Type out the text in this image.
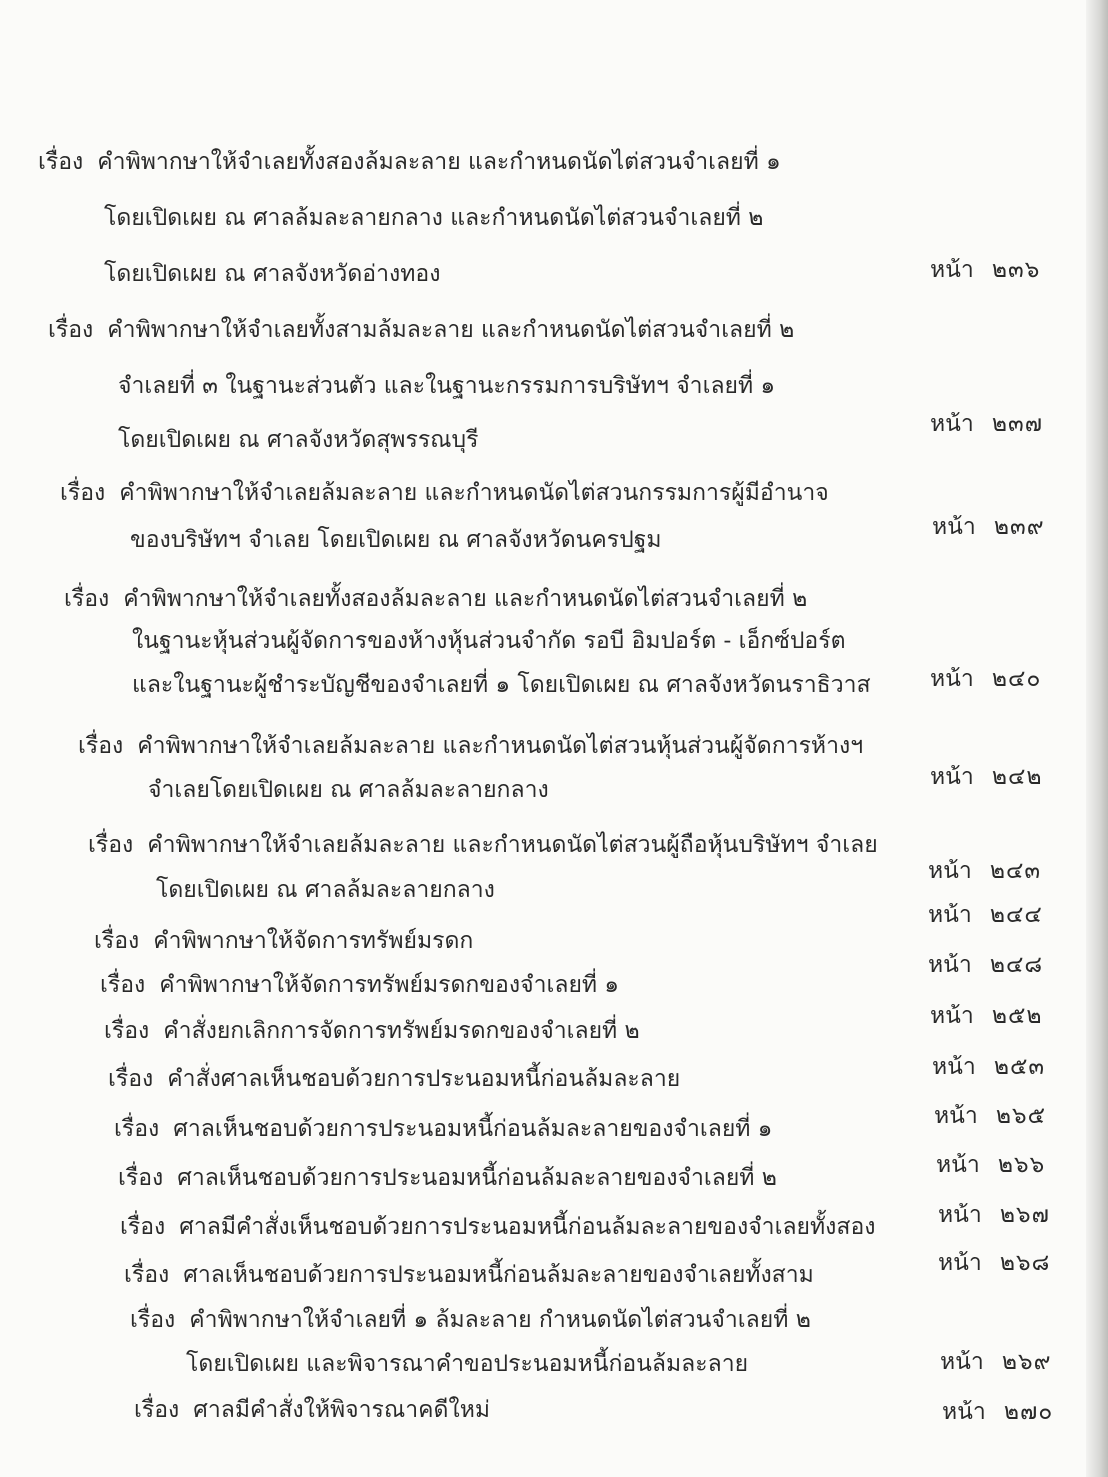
เรื่อง คำพิพากษาให้จำเลยทั้งสองล้มละลาย และกำหนดนัดไต่สวนจำเลยที่ ๑
โดยเปิดเผย ณ ศาลล้มละลายกลาง และกำหนดนัดไต่สวนจำเลยที่ ๒
โดยเปิดเผย ณ ศาลจังหวัดอ่างทอง	หน้า ๒๓๖
เรื่อง คำพิพากษาให้จำเลยทั้งสามล้มละลาย และกำหนดนัดไต่สวนจำเลยที่ ๒
จำเลยที่ ๓ ในฐานะส่วนตัว และในฐานะกรรมการบริษัทฯ จำเลยที่ ๑
โดยเปิดเผย ณ ศาลจังหวัดสุพรรณบุรี
หน้า ๒๓๗
เรื่อง คำพิพากษาให้จำเลยล้มละลาย และกำหนดนัดไต่สวนกรรมการผู้มีอำนาจ
ของบริษัทฯ จำเลย โดยเปิดเผย ณ ศาลจังหวัดนครปฐม	หน้า ๒๓๙
เรื่อง คำพิพากษาให้จำเลยทั้งสองล้มละลาย และกำหนดนัดไต่สวนจำเลยที่ ๒
ในฐานะหุ้นส่วนผู้จัดการของห้างหุ้นส่วนจำกัด รอบี อิมปอร์ต - เอ็กซ์ปอร์ต
และในฐานะผู้ชำระบัญชีของจำเลยที่ ๑ โดยเปิดเผย ณ ศาลจังหวัดนราธิวาส	หน้า ๒๔๐
เรื่อง คำพิพากษาให้จำเลยล้มละลาย และกำหนดนัดไต่สวนหุ้นส่วนผู้จัดการห้างฯ
จำเลยโดยเปิดเผย ณ ศาลล้มละลายกลาง	หน้า ๒๔๒
เรื่อง คำพิพากษาให้จำเลยล้มละลาย และกำหนดนัดไต่สวนผู้ถือหุ้นบริษัทฯ จำเลย
โดยเปิดเผย ณ ศาลล้มละลายกลาง
หน้า ๒๔๓
เรื่อง คำพิพากษาให้จัดการทรัพย์มรดก
หน้า ๒๔๔
เรื่อง คำพิพากษาให้จัดการทรัพย์มรดกของจำเลยที่ ๑
หน้า ๒๔๘
เรื่อง คำสั่งยกเลิกการจัดการทรัพย์มรดกของจำเลยที่ ๒
หน้า ๒๕๒
เรื่อง คำสั่งศาลเห็นชอบด้วยการประนอมหนี้ก่อนล้มละลาย	หน้า ๒๕๓
เรื่อง ศาลเห็นชอบด้วยการประนอมหนี้ก่อนล้มละลายของจำเลยที่ ๑	หน้า ๒๖๕
เรื่อง ศาลเห็นชอบด้วยการประนอมหนี้ก่อนล้มละลายของจำเลยที่ ๒	หน้า ๒๖๖
เรื่อง ศาลมีคำสั่งเห็นชอบด้วยการประนอมหนี้ก่อนล้มละลายของจำเลยทั้งสอง	หน้า ๒๖๗
เรื่อง ศาลเห็นชอบด้วยการประนอมหนี้ก่อนล้มละลายของจำเลยทั้งสาม	หน้า ๒๖๘
เรื่อง คำพิพากษาให้จำเลยที่ ๑ ล้มละลาย กำหนดนัดไต่สวนจำเลยที่ ๒
โดยเปิดเผย และพิจารณาคำขอประนอมหนี้ก่อนล้มละลาย	หน้า ๒๖๙
เรื่อง ศาลมีคำสั่งให้พิจารณาคดีใหม่	หน้า ๒๗๐
